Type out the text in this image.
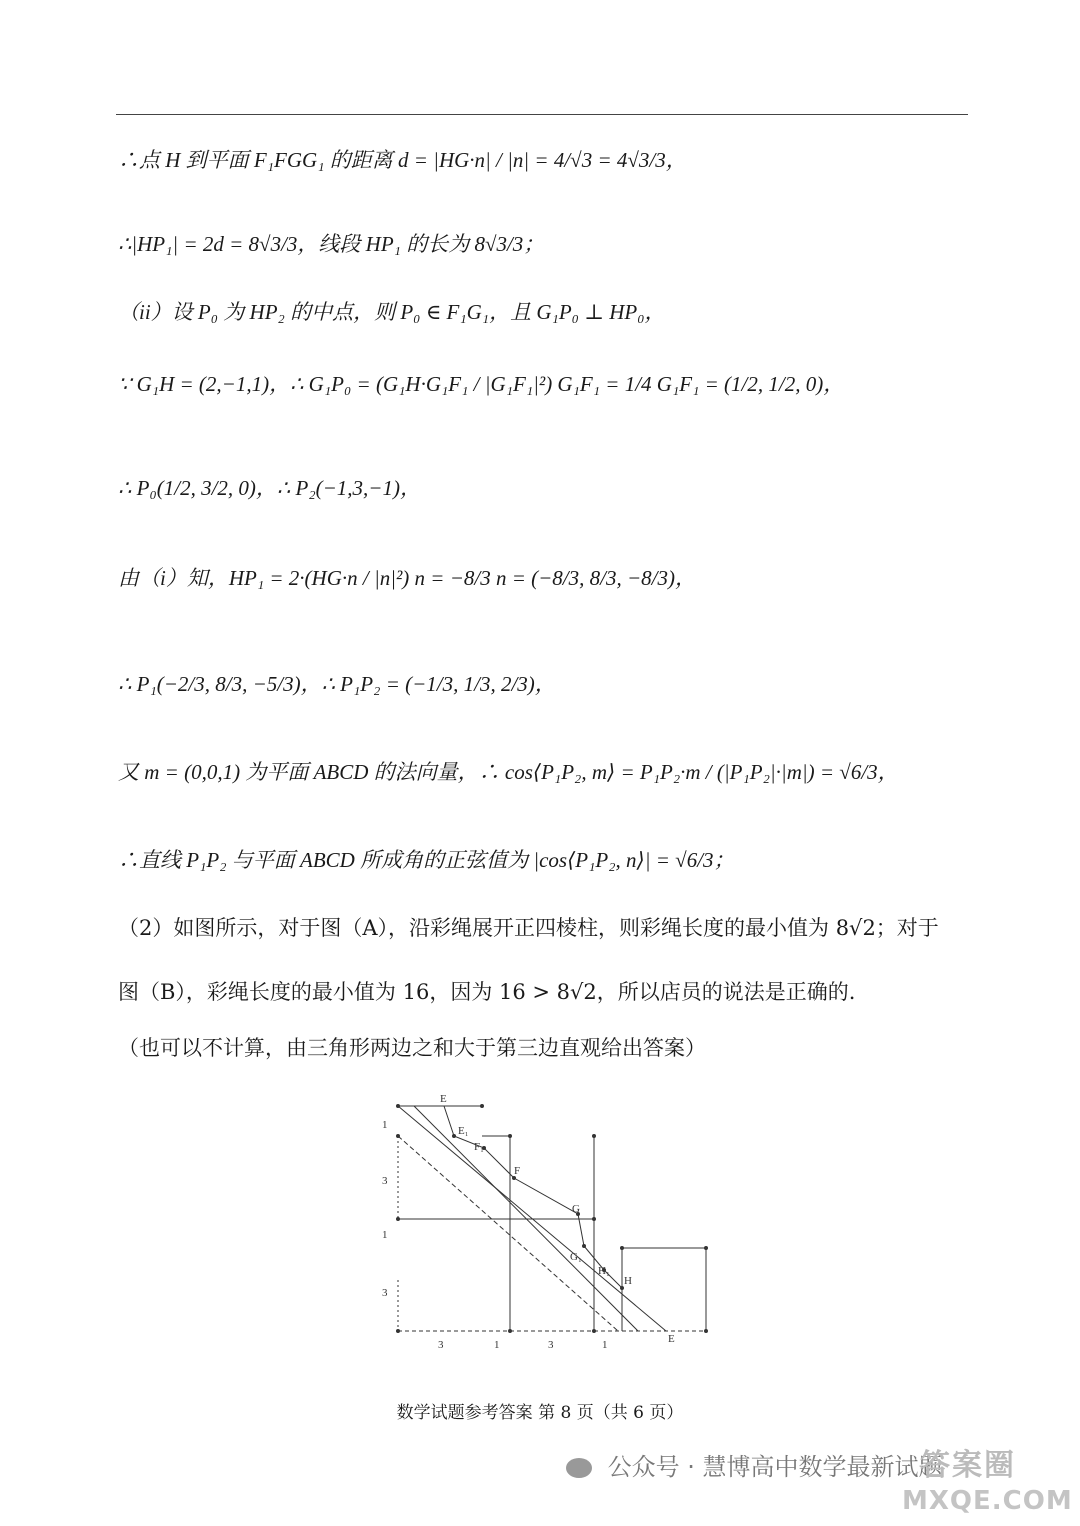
∴点 H 到平面 F₁FGG₁ 的距离 d = |HG·n| / |n| = 4/√3 = 4√3/3，
∴|HP₁| = 2d = 8√3/3，线段 HP₁ 的长为 8√3/3；
（ii）设 P₀ 为 HP₂ 的中点，则 P₀ ∈ F₁G₁，且 G₁P₀ ⊥ HP₀，
∵ G₁H = (2,−1,1)，∴ G₁P₀ = (G₁H·G₁F₁ / |G₁F₁|²) G₁F₁ = 1/4 G₁F₁ = (1/2, 1/2, 0)，
∴ P₀(1/2, 3/2, 0)，∴ P₂(−1,3,−1)，
由（i）知，HP₁ = 2·(HG·n / |n|²) n = −8/3 n = (−8/3, 8/3, −8/3)，
∴ P₁(−2/3, 8/3, −5/3)，∴ P₁P₂ = (−1/3, 1/3, 2/3)，
又 m = (0,0,1) 为平面 ABCD 的法向量，∴ cos⟨P₁P₂, m⟩ = P₁P₂·m / (|P₁P₂|·|m|) = √6/3，
∴直线 P₁P₂ 与平面 ABCD 所成角的正弦值为 |cos⟨P₁P₂, n⟩| = √6/3；
（2）如图所示，对于图（A），沿彩绳展开正四棱柱，则彩绳长度的最小值为 8√2；对于
图（B），彩绳长度的最小值为 16，因为 16 > 8√2，所以店员的说法是正确的.
（也可以不计算，由三角形两边之和大于第三边直观给出答案）
E
E₁
F₁
F
G
G₁
H₁
H
E
1
3
1
3
3	1	3	1
数学试题参考答案 第 8 页（共 6 页）
公众号 · 慧博高中数学最新试题
答案圈
MXQE.COM
